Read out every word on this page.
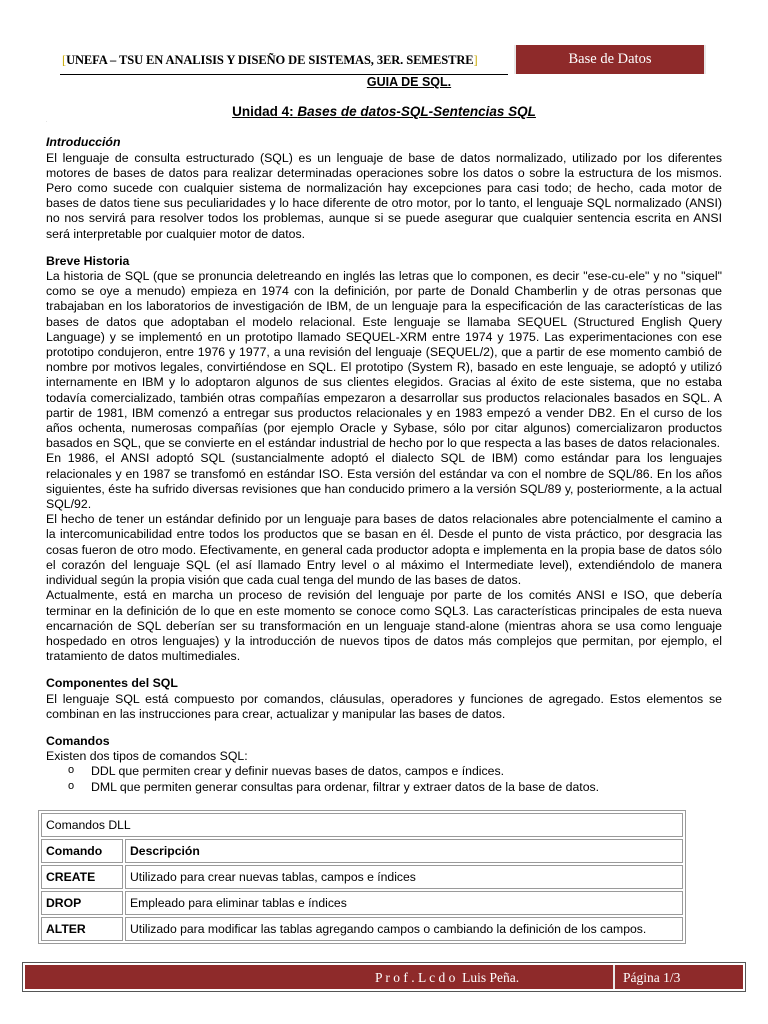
[UNEFA – TSU EN ANALISIS Y DISEÑO DE SISTEMAS, 3ER. SEMESTRE]	Base de Datos
GUIA DE SQL.
Unidad 4: Bases de datos-SQL-Sentencias SQL
.

Introducción

El lenguaje de consulta estructurado (SQL) es un lenguaje de base de datos normalizado, utilizado por los diferentes motores de bases de datos para realizar determinadas operaciones sobre los datos o sobre la estructura de los mismos. Pero como sucede con cualquier sistema de normalización hay excepciones para casi todo; de hecho, cada motor de bases de datos tiene sus peculiaridades y lo hace diferente de otro motor, por lo tanto, el lenguaje SQL normalizado (ANSI) no nos servirá para resolver todos los problemas, aunque si se puede asegurar que cualquier sentencia escrita en ANSI será interpretable por cualquier motor de datos.

Breve Historia

La historia de SQL (que se pronuncia deletreando en inglés las letras que lo componen, es decir "ese-cu-ele" y no "siquel" como se oye a menudo) empieza en 1974 con la definición, por parte de Donald Chamberlin y de otras personas que trabajaban en los laboratorios de investigación de IBM, de un lenguaje para la especificación de las características de las bases de datos que adoptaban el modelo relacional. Este lenguaje se llamaba SEQUEL (Structured English Query Language) y se implementó en un prototipo llamado SEQUEL-XRM entre 1974 y 1975. Las experimentaciones con ese prototipo condujeron, entre 1976 y 1977, a una revisión del lenguaje (SEQUEL/2), que a partir de ese momento cambió de nombre por motivos legales, convirtiéndose en SQL. El prototipo (System R), basado en este lenguaje, se adoptó y utilizó internamente en IBM y lo adoptaron algunos de sus clientes elegidos. Gracias al éxito de este sistema, que no estaba todavía comercializado, también otras compañías empezaron a desarrollar sus productos relacionales basados en SQL. A partir de 1981, IBM comenzó a entregar sus productos relacionales y en 1983 empezó a vender DB2. En el curso de los años ochenta, numerosas compañías (por ejemplo Oracle y Sybase, sólo por citar algunos) comercializaron productos basados en SQL, que se convierte en el estándar industrial de hecho por lo que respecta a las bases de datos relacionales.

En 1986, el ANSI adoptó SQL (sustancialmente adoptó el dialecto SQL de IBM) como estándar para los lenguajes relacionales y en 1987 se transfomó en estándar ISO. Esta versión del estándar va con el nombre de SQL/86. En los años siguientes, éste ha sufrido diversas revisiones que han conducido primero a la versión SQL/89 y, posteriormente, a la actual SQL/92.

El hecho de tener un estándar definido por un lenguaje para bases de datos relacionales abre potencialmente el camino a la intercomunicabilidad entre todos los productos que se basan en él. Desde el punto de vista práctico, por desgracia las cosas fueron de otro modo. Efectivamente, en general cada productor adopta e implementa en la propia base de datos sólo el corazón del lenguaje SQL (el así llamado Entry level o al máximo el Intermediate level), extendiéndolo de manera individual según la propia visión que cada cual tenga del mundo de las bases de datos.

Actualmente, está en marcha un proceso de revisión del lenguaje por parte de los comités ANSI e ISO, que debería terminar en la definición de lo que en este momento se conoce como SQL3. Las características principales de esta nueva encarnación de SQL deberían ser su transformación en un lenguaje stand-alone (mientras ahora se usa como lenguaje hospedado en otros lenguajes) y la introducción de nuevos tipos de datos más complejos que permitan, por ejemplo, el tratamiento de datos multimediales.

Componentes del SQL

El lenguaje SQL está compuesto por comandos, cláusulas, operadores y funciones de agregado. Estos elementos se combinan en las instrucciones para crear, actualizar y manipular las bases de datos.

Comandos

Existen dos tipos de comandos SQL:

o DDL que permiten crear y definir nuevas bases de datos, campos e índices.
o DML que permiten generar consultas para ordenar, filtrar y extraer datos de la base de datos.
Comandos DLL	
Comando	Descripción
CREATE	Utilizado para crear nuevas tablas, campos e índices
DROP	Empleado para eliminar tablas e índices
ALTER	Utilizado para modificar las tablas agregando campos o cambiando la definición de los campos.
P r o f . L c d o Luis Peña.	Página 1/3
